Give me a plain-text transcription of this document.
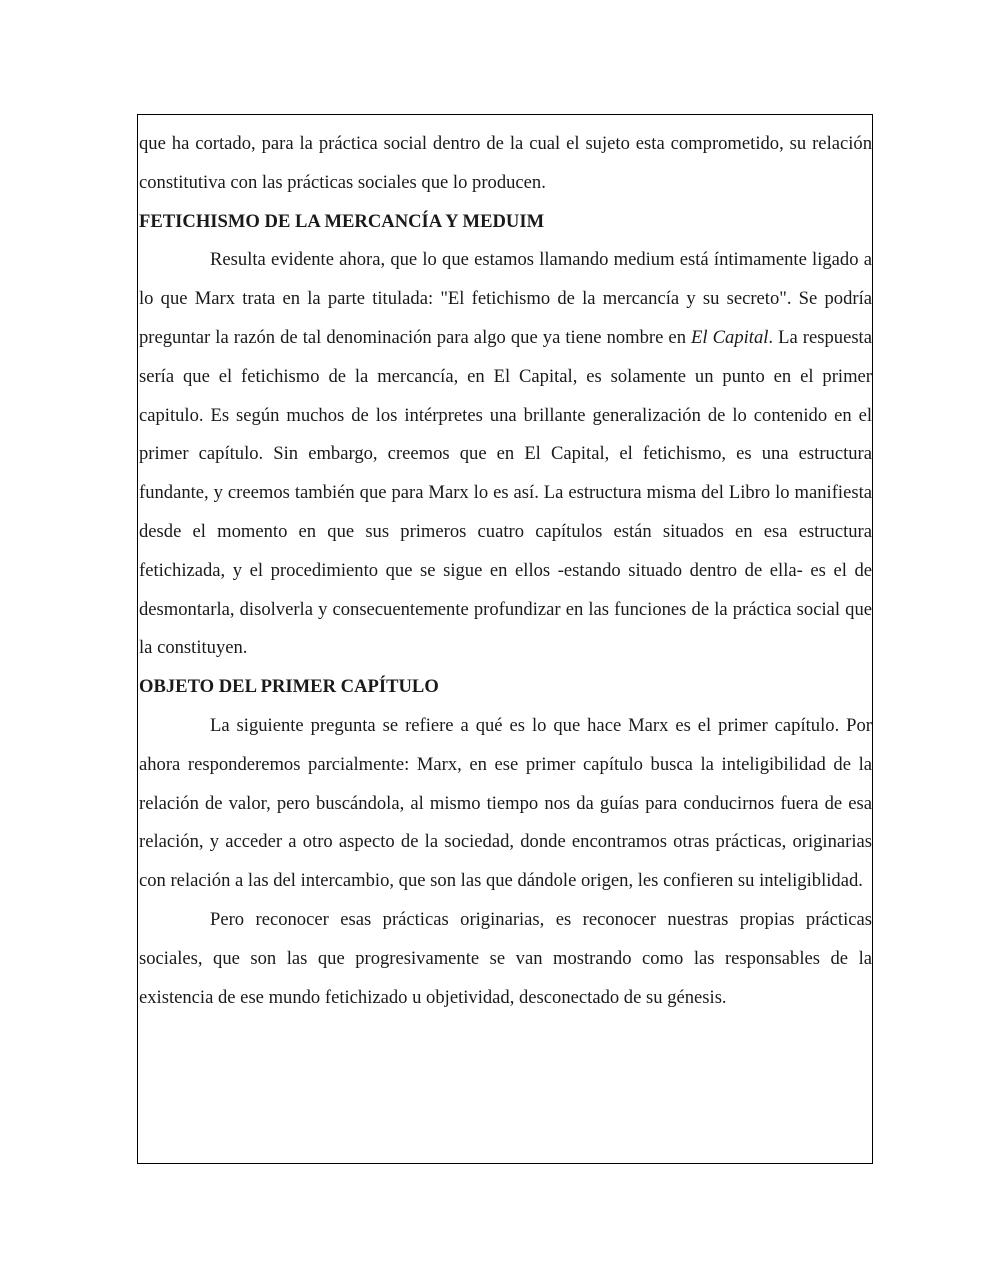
que ha cortado, para la práctica social dentro de la cual el sujeto esta comprometido, su relación constitutiva con las prácticas sociales que lo producen.

FETICHISMO DE LA MERCANCÍA Y MEDUIM

Resulta evidente ahora, que lo que estamos llamando medium está íntimamente ligado a lo que Marx trata en la parte titulada: "El fetichismo de la mercancía y su secreto". Se podría preguntar la razón de tal denominación para algo que ya tiene nombre en El Capital. La respuesta sería que el fetichismo de la mercancía, en El Capital, es solamente un punto en el primer capitulo. Es según muchos de los intérpretes una brillante generalización de lo contenido en el primer capítulo. Sin embargo, creemos que en El Capital, el fetichismo, es una estructura fundante, y creemos también que para Marx lo es así. La estructura misma del Libro lo manifiesta desde el momento en que sus primeros cuatro capítulos están situados en esa estructura fetichizada, y el procedimiento que se sigue en ellos -estando situado dentro de ella- es el de desmontarla, disolverla y consecuentemente profundizar en las funciones de la práctica social que la constituyen.

OBJETO DEL PRIMER CAPÍTULO

La siguiente pregunta se refiere a qué es lo que hace Marx es el primer capítulo. Por ahora responderemos parcialmente: Marx, en ese primer capítulo busca la inteligibilidad de la relación de valor, pero buscándola, al mismo tiempo nos da guías para conducirnos fuera de esa relación, y acceder a otro aspecto de la sociedad, donde encontramos otras prácticas, originarias con relación a las del intercambio, que son las que dándole origen, les confieren su inteligiblidad.

Pero reconocer esas prácticas originarias, es reconocer nuestras propias prácticas sociales, que son las que progresivamente se van mostrando como las responsables de la existencia de ese mundo fetichizado u objetividad, desconectado de su génesis.
